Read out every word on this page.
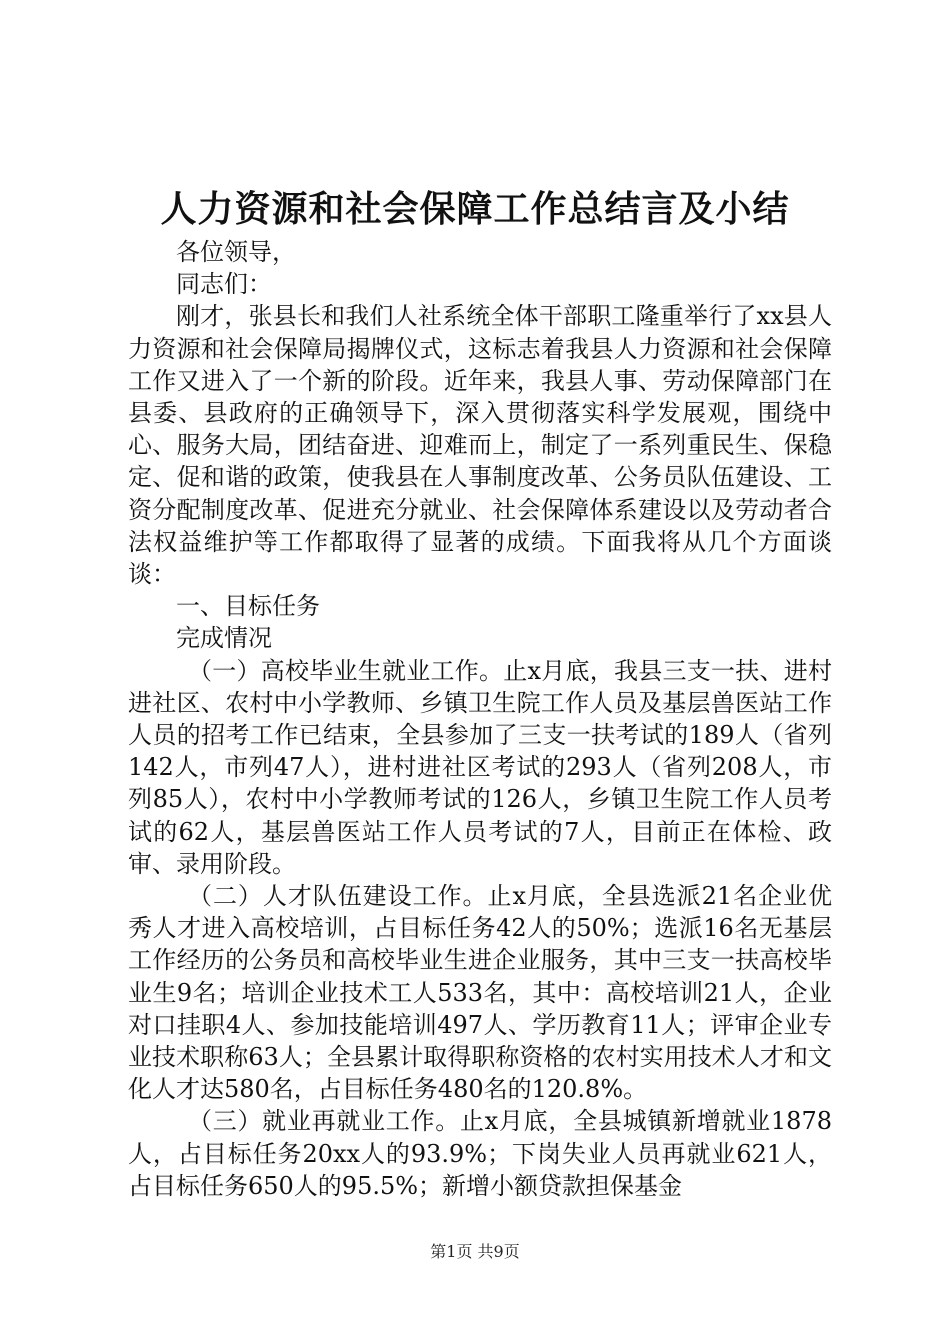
人力资源和社会保障工作总结言及小结

各位领导，

同志们：

刚才，张县长和我们人社系统全体干部职工隆重举行了xx县人力资源和社会保障局揭牌仪式，这标志着我县人力资源和社会保障工作又进入了一个新的阶段。近年来，我县人事、劳动保障部门在县委、县政府的正确领导下，深入贯彻落实科学发展观，围绕中心、服务大局，团结奋进、迎难而上，制定了一系列重民生、保稳定、促和谐的政策，使我县在人事制度改革、公务员队伍建设、工资分配制度改革、促进充分就业、社会保障体系建设以及劳动者合法权益维护等工作都取得了显著的成绩。下面我将从几个方面谈谈：

一、目标任务

完成情况

（一）高校毕业生就业工作。止x月底，我县三支一扶、进村进社区、农村中小学教师、乡镇卫生院工作人员及基层兽医站工作人员的招考工作已结束，全县参加了三支一扶考试的189人（省列142人，市列47人），进村进社区考试的293人（省列208人，市列85人），农村中小学教师考试的126人，乡镇卫生院工作人员考试的62人，基层兽医站工作人员考试的7人，目前正在体检、政审、录用阶段。

（二）人才队伍建设工作。止x月底，全县选派21名企业优秀人才进入高校培训，占目标任务42人的50%；选派16名无基层工作经历的公务员和高校毕业生进企业服务，其中三支一扶高校毕业生9名；培训企业技术工人533名，其中：高校培训21人，企业对口挂职4人、参加技能培训497人、学历教育11人；评审企业专业技术职称63人；全县累计取得职称资格的农村实用技术人才和文化人才达580名，占目标任务480名的120.8%。

（三）就业再就业工作。止x月底，全县城镇新增就业1878人，占目标任务20xx人的93.9%；下岗失业人员再就业621人，占目标任务650人的95.5%；新增小额贷款担保基金

第1页 共9页
